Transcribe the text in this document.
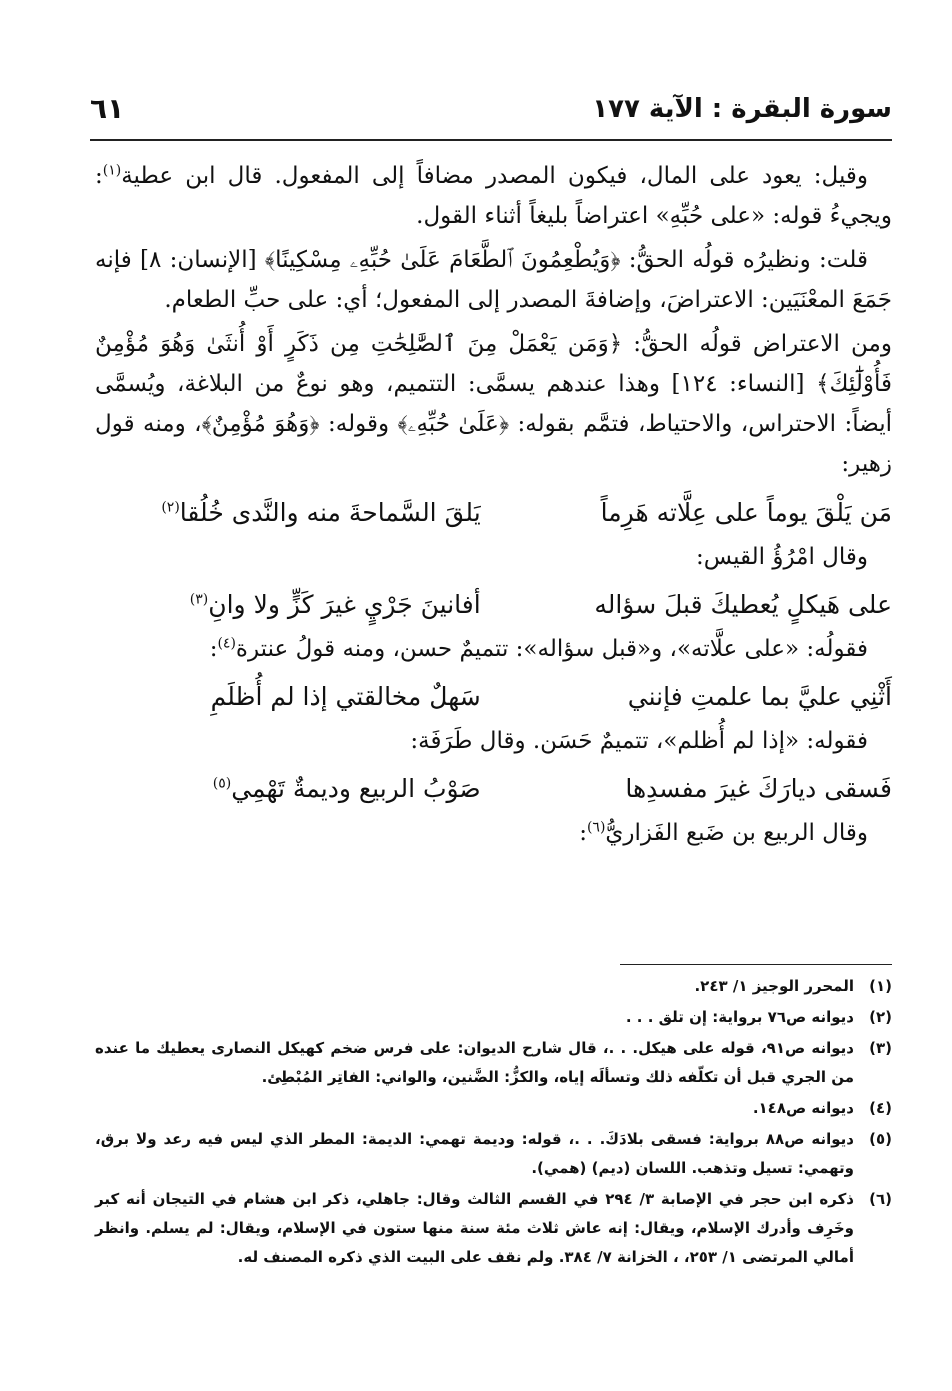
سورة البقرة : الآية ١٧٧
٦١

وقيل: يعود على المال، فيكون المصدر مضافاً إلى المفعول. قال ابن عطية$^{(١)}$: ويجيءُ قوله: «على حُبِّهِ» اعتراضاً بليغاً أثناء القول.

قلت: ونظيرُه قولُه الحقُّ: ﴿وَيُطْعِمُونَ ٱلطَّعَامَ عَلَىٰ حُبِّهِۦ مِسْكِينًا﴾ [الإنسان: ٨] فإنه جَمَعَ المعْنَيَين: الاعتراضَ، وإضافةَ المصدر إلى المفعول؛ أي: على حبِّ الطعام.

ومن الاعتراض قولُه الحقُّ: ﴿وَمَن يَعْمَلْ مِنَ ٱلصَّٰلِحَٰتِ مِن ذَكَرٍ أَوْ أُنثَىٰ وَهُوَ مُؤْمِنٌ فَأُوْلَٰٓئِكَ﴾ [النساء: ١٢٤] وهذا عندهم يسمَّى: التتميم، وهو نوعٌ من البلاغة، ويُسمَّى أيضاً: الاحتراس، والاحتياط، فتمَّم بقوله: ﴿عَلَىٰ حُبِّهِۦ﴾ وقوله: ﴿وَهُوَ مُؤْمِنٌ﴾، ومنه قول زهير:

مَن يَلْقَ يوماً على عِلَّاته هَرِماً
يَلقَ السَّماحةَ منه والنَّدى خُلُقا$^{(٢)}$

وقال امْرُؤُ القيس:

على هَيكلٍ يُعطيكَ قبلَ سؤاله
أفانينَ جَرْيٍ غيرَ كَزٍّ ولا وانِ$^{(٣)}$

فقولُه: «على علَّاته»، و«قبل سؤاله»: تتميمٌ حسن، ومنه قولُ عنترة$^{(٤)}$:

أَثْنِي عليَّ بما علمتِ فإنني
سَهلٌ مخالقتي إذا لم أُظلَمِ

فقوله: «إذا لم أُظلم»، تتميمٌ حَسَن. وقال طَرَفَة:

فَسقى ديارَكَ غيرَ مفسدِها
صَوْبُ الربيع وديمةٌ تَهْمِي$^{(٥)}$

وقال الربيع بن ضَبع الفَزاريُّ$^{(٦)}$:

(١)
المحرر الوجيز ١/ ٢٤٣.
(٢)
ديوانه ص٧٦ برواية: إن تلق . . .
(٣)
ديوانه ص٩١، قوله على هيكل. . .، قال شارح الديوان: على فرس ضخم كهيكل النصارى يعطيك ما عنده من الجري قبل أن تكلّفه ذلك وتسألَه إياه، والكزُّ: الضَّنين، والواني: الفاتِر المُبْطِئ.
(٤)
ديوانه ص١٤٨.
(٥)
ديوانه ص٨٨ برواية: فسقى بلادَكَ. . .، قوله: وديمة تهمي: الديمة: المطر الذي ليس فيه رعد ولا برق، وتهمي: تسيل وتذهب. اللسان (ديم) (همي).
(٦)
ذكره ابن حجر في الإصابة ٣/ ٢٩٤ في القسم الثالث وقال: جاهلي، ذكر ابن هشام في التيجان أنه كبر وخَرِف وأدرك الإسلام، ويقال: إنه عاش ثلاث مئة سنة منها ستون في الإسلام، ويقال: لم يسلم. وانظر أمالي المرتضى ١/ ٢٥٣، ، الخزانة ٧/ ٣٨٤. ولم نقف على البيت الذي ذكره المصنف له.
